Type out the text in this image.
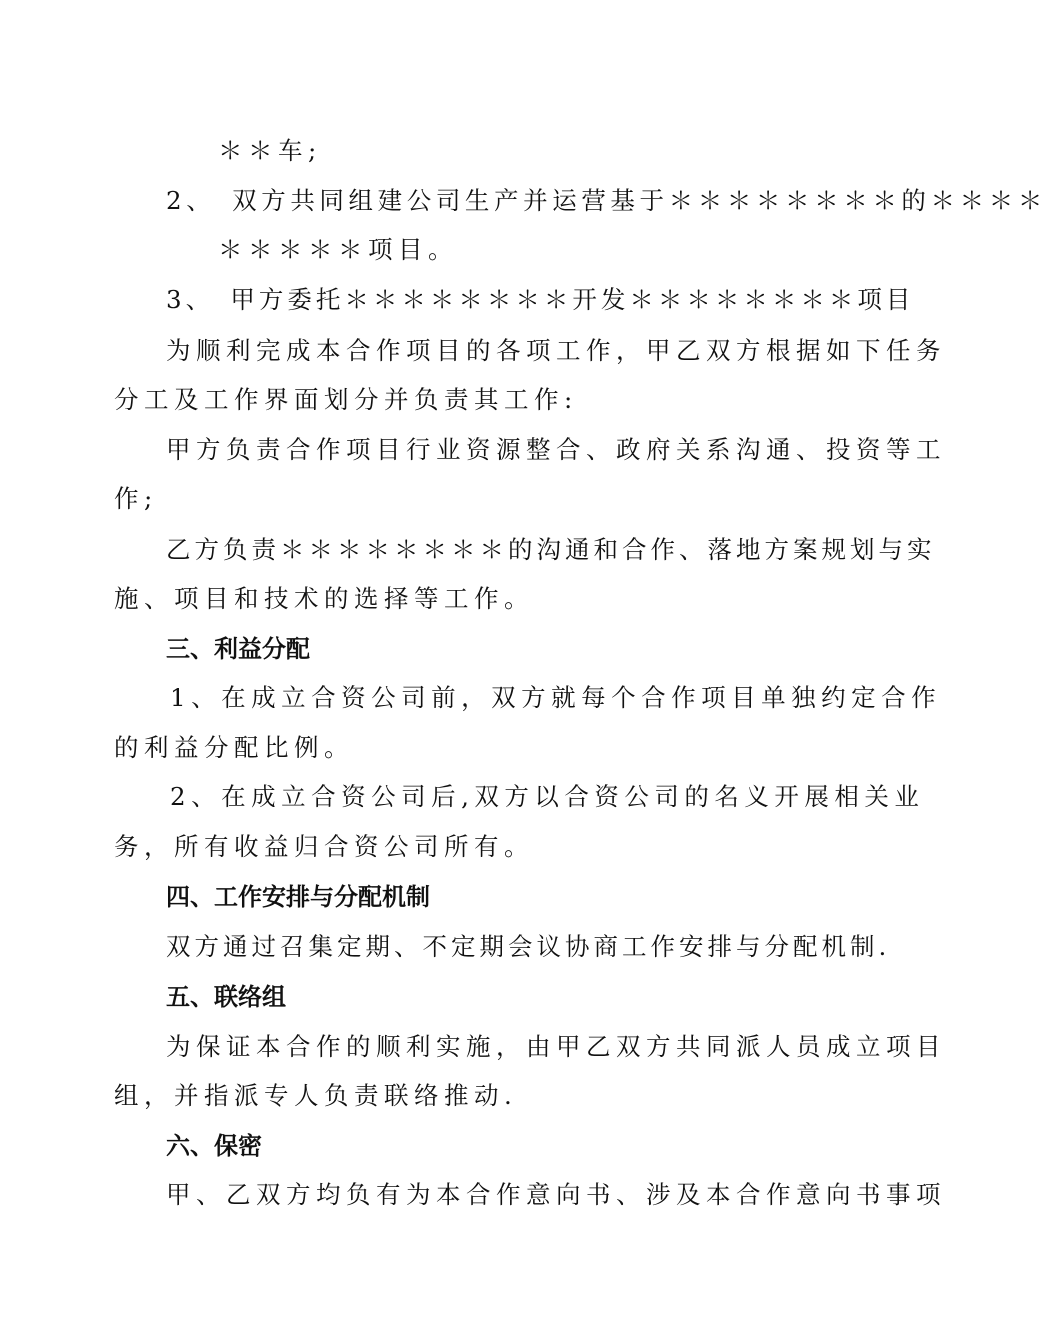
＊＊车;
2、　双方共同组建公司生产并运营基于＊＊＊＊＊＊＊＊的＊＊＊＊
＊＊＊＊＊项目。
3、　甲方委托＊＊＊＊＊＊＊＊开发＊＊＊＊＊＊＊＊项目
为顺利完成本合作项目的各项工作，甲乙双方根据如下任务
分工及工作界面划分并负责其工作:
甲方负责合作项目行业资源整合、政府关系沟通、投资等工
作;
乙方负责＊＊＊＊＊＊＊＊的沟通和合作、落地方案规划与实
施、项目和技术的选择等工作。
三、利益分配
1、在成立合资公司前，双方就每个合作项目单独约定合作
的利益分配比例。
2、在成立合资公司后,双方以合资公司的名义开展相关业
务，所有收益归合资公司所有。
四、工作安排与分配机制
双方通过召集定期、不定期会议协商工作安排与分配机制.
五、联络组
为保证本合作的顺利实施，由甲乙双方共同派人员成立项目
组，并指派专人负责联络推动.
六、保密
甲、乙双方均负有为本合作意向书、涉及本合作意向书事项
